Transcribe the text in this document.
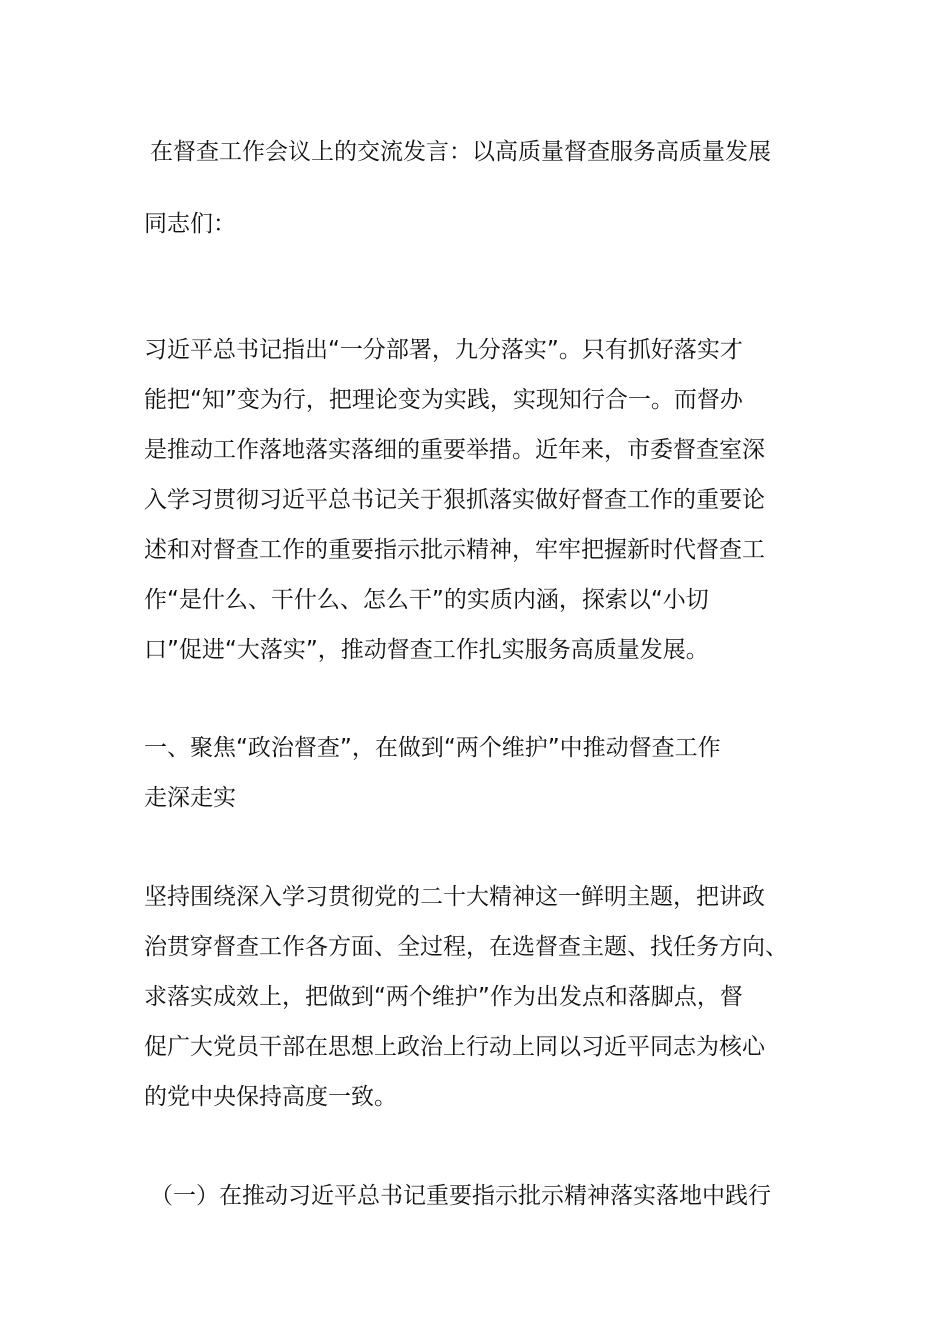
在督查工作会议上的交流发言：以高质量督查服务高质量发展
同志们：
习近平总书记指出“一分部署，九分落实”。只有抓好落实才
能把“知”变为行，把理论变为实践，实现知行合一。而督办
是推动工作落地落实落细的重要举措。近年来，市委督查室深
入学习贯彻习近平总书记关于狠抓落实做好督查工作的重要论
述和对督查工作的重要指示批示精神，牢牢把握新时代督查工
作“是什么、干什么、怎么干”的实质内涵，探索以“小切
口”促进“大落实”，推动督查工作扎实服务高质量发展。
一、聚焦“政治督查”，在做到“两个维护”中推动督查工作
走深走实
坚持围绕深入学习贯彻党的二十大精神这一鲜明主题，把讲政
治贯穿督查工作各方面、全过程，在选督查主题、找任务方向、
求落实成效上，把做到“两个维护”作为出发点和落脚点，督
促广大党员干部在思想上政治上行动上同以习近平同志为核心
的党中央保持高度一致。
（一）在推动习近平总书记重要指示批示精神落实落地中践行
